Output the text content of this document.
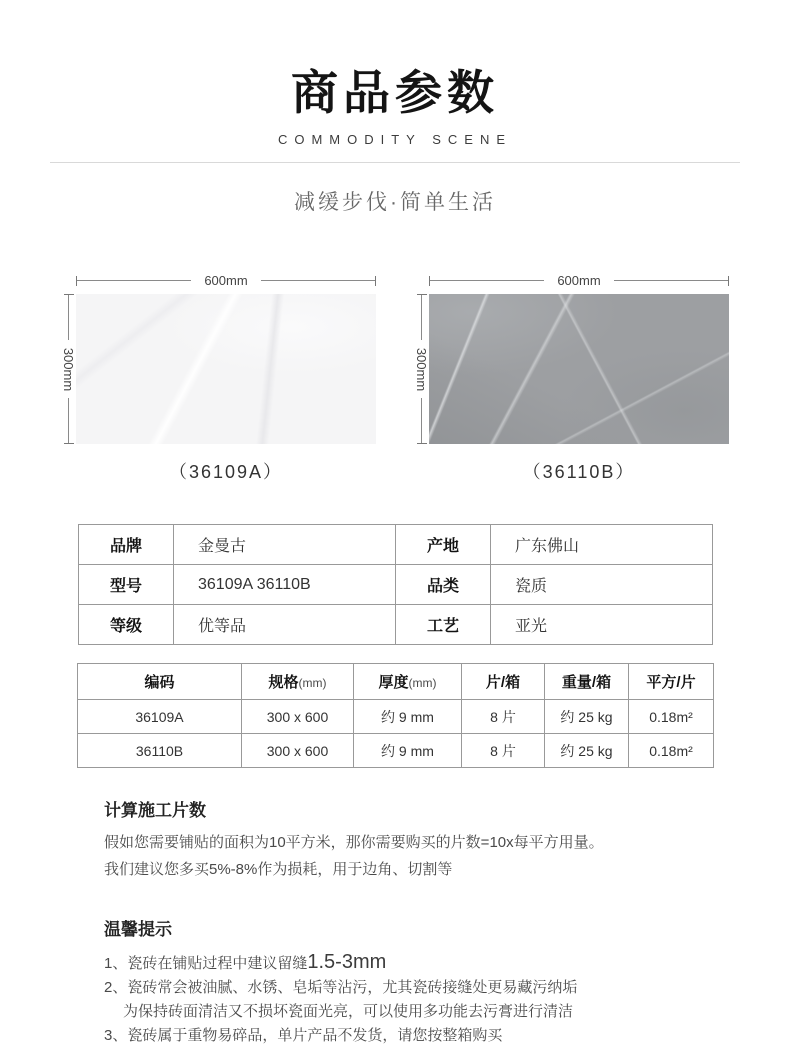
商品参数
COMMODITY SCENE
减缓步伐·简单生活
600mm
300mm
（36109A）
600mm
300mm
（36110B）
品牌	金曼古	产地	广东佛山
型号	36109A 36110B	品类	瓷质
等级	优等品	工艺	亚光
编码	规格(mm)	厚度(mm)	片/箱	重量/箱	平方/片
36109A	300 x 600	约 9 mm	8 片	约 25 kg	0.18m²
36110B	300 x 600	约 9 mm	8 片	约 25 kg	0.18m²
计算施工片数

假如您需要铺贴的面积为10平方米，那你需要购买的片数=10x每平方用量。

我们建议您多买5%-8%作为损耗，用于边角、切割等

温馨提示
1、瓷砖在铺贴过程中建议留缝1.5-3mm
2、瓷砖常会被油腻、水锈、皂垢等沾污，尤其瓷砖接缝处更易藏污纳垢
为保持砖面清洁又不损坏瓷面光亮，可以使用多功能去污膏进行清洁
3、瓷砖属于重物易碎品，单片产品不发货，请您按整箱购买
